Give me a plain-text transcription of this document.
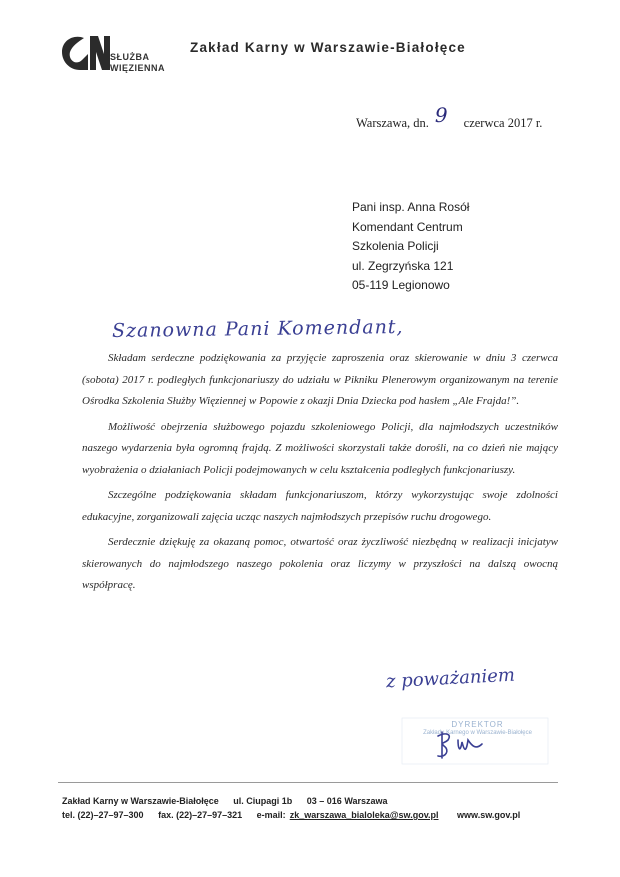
SŁUŻBA
WIĘZIENNA
Zakład Karny w Warszawie-Białołęce
Warszawa, dn. 9 czerwca 2017 r.
Pani insp. Anna Rosół
Komendant Centrum
Szkolenia Policji
ul. Zegrzyńska 121
05-119 Legionowo
Szanowna Pani Komendant,

Składam serdeczne podziękowania za przyjęcie zaproszenia oraz skierowanie w dniu 3 czerwca (sobota) 2017 r. podległych funkcjonariuszy do udziału w Pikniku Plenerowym organizowanym na terenie Ośrodka Szkolenia Służby Więziennej w Popowie z okazji Dnia Dziecka pod hasłem „Ale Frajda!”.

Możliwość obejrzenia służbowego pojazdu szkoleniowego Policji, dla najmłodszych uczestników naszego wydarzenia była ogromną frajdą. Z możliwości skorzystali także dorośli, na co dzień nie mający wyobrażenia o działaniach Policji podejmowanych w celu kształcenia podległych funkcjonariuszy.

Szczególne podziękowania składam funkcjonariuszom, którzy wykorzystując swoje zdolności edukacyjne, zorganizowali zajęcia ucząc naszych najmłodszych przepisów ruchu drogowego.

Serdecznie dziękuję za okazaną pomoc, otwartość oraz życzliwość niezbędną w realizacji inicjatyw skierowanych do najmłodszego naszego pokolenia oraz liczymy w przyszłości na dalszą owocną współpracę.

z poważaniem
DYREKTOR
Zakładu Karnego w Warszawie-Białołęce
Zakład Karny w Warszawie-Białołęce ul. Ciupagi 1b 03 – 016 Warszawa
tel. (22)–27–97–300 fax. (22)–27–97–321 e-mail: zk_warszawa_bialoleka@sw.gov.pl www.sw.gov.pl
